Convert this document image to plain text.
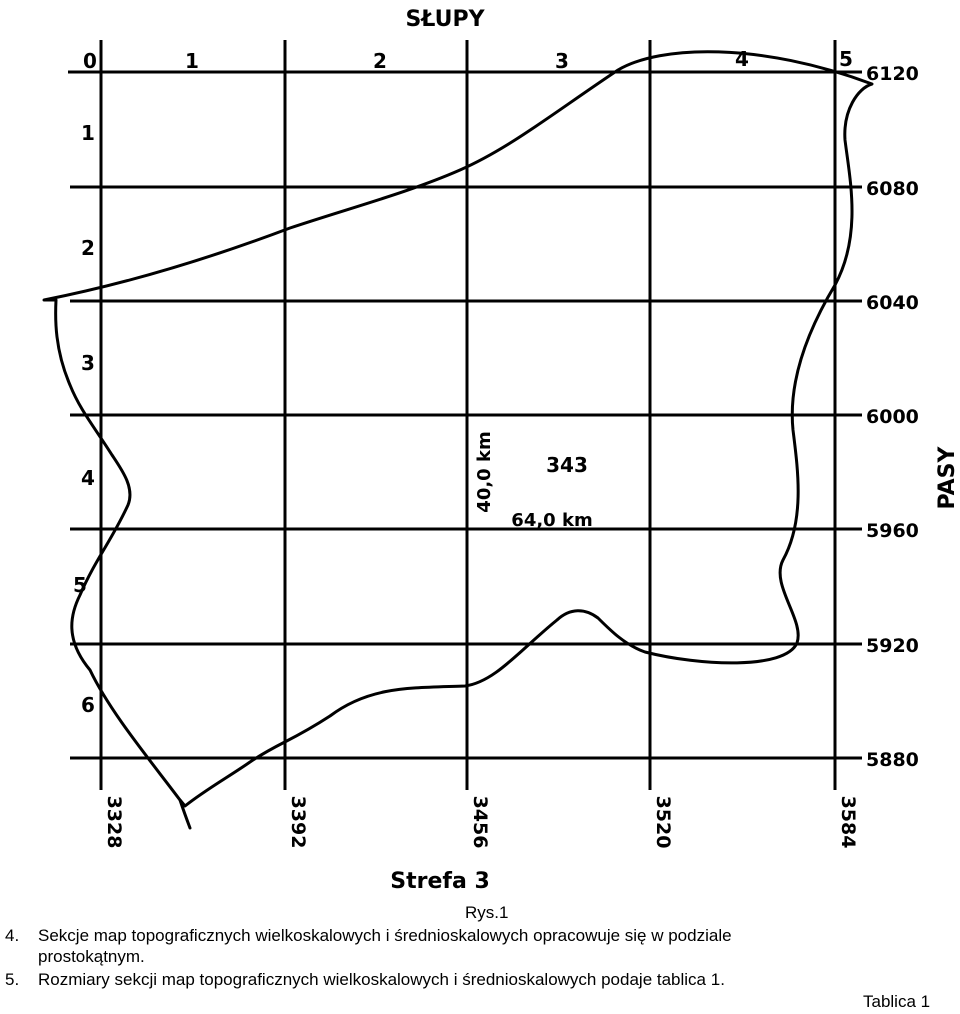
SŁUPY
0	1	2	3	4	5
1
2
3
4
5
6
6120
6080
6040
6000
5960
5920
5880
PASY
3328	3392	3456	3520	3584
Strefa 3
343
40,0 km
64,0 km
Rys.1
4. Sekcje map topograficznych wielkoskalowych i średnioskalowych opracowuje się w podziale
prostokątnym.
5. Rozmiary sekcji map topograficznych wielkoskalowych i średnioskalowych podaje tablica 1.
Tablica 1
